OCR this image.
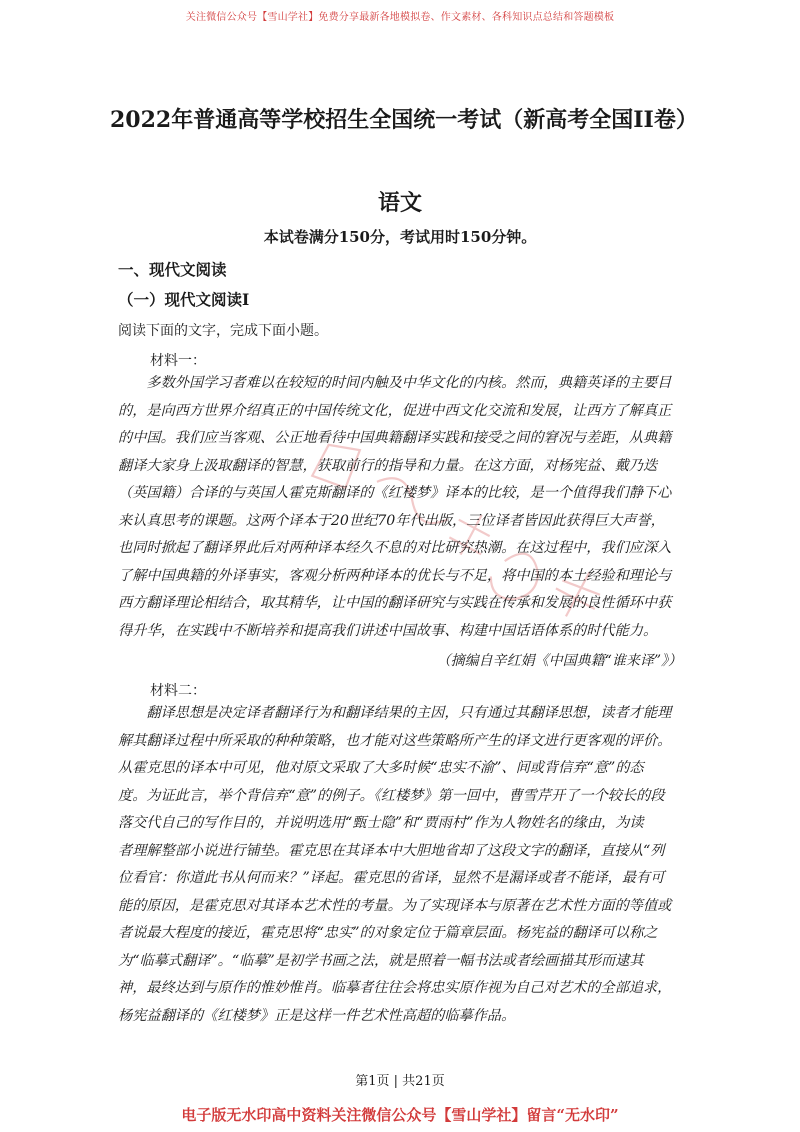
关注微信公众号【雪山学社】免费分享最新各地模拟卷、作文素材、各科知识点总结和答题模板
2022年普通高等学校招生全国统一考试（新高考全国II卷）
语文
本试卷满分150分，考试用时150分钟。
一、现代文阅读
（一）现代文阅读Ⅰ
阅读下面的文字，完成下面小题。
材料一：
　　多数外国学习者难以在较短的时间内触及中华文化的内核。然而，典籍英译的主要目
的，是向西方世界介绍真正的中国传统文化，促进中西文化交流和发展，让西方了解真正
的中国。我们应当客观、公正地看待中国典籍翻译实践和接受之间的窘况与差距，从典籍
翻译大家身上汲取翻译的智慧，获取前行的指导和力量。在这方面，对杨宪益、戴乃迭
（英国籍）合译的与英国人霍克斯翻译的《红楼梦》译本的比较，是一个值得我们静下心
来认真思考的课题。这两个译本于20世纪70年代出版，三位译者皆因此获得巨大声誉，
也同时掀起了翻译界此后对两种译本经久不息的对比研究热潮。在这过程中，我们应深入
了解中国典籍的外译事实，客观分析两种译本的优长与不足，将中国的本土经验和理论与
西方翻译理论相结合，取其精华，让中国的翻译研究与实践在传承和发展的良性循环中获
得升华，在实践中不断培养和提高我们讲述中国故事、构建中国话语体系的时代能力。
（摘编自辛红娟《中国典籍“谁来译”》）
材料二：
　　翻译思想是决定译者翻译行为和翻译结果的主因，只有通过其翻译思想，读者才能理
解其翻译过程中所采取的种种策略，也才能对这些策略所产生的译文进行更客观的评价。
从霍克思的译本中可见，他对原文采取了大多时候“忠实不渝”、间或背信弃“意”的态
度。为证此言，举个背信弃“意”的例子。《红楼梦》第一回中，曹雪芹开了一个较长的段
落交代自己的写作目的，并说明选用“甄士隐”和“贾雨村”作为人物姓名的缘由，为读
者理解整部小说进行铺垫。霍克思在其译本中大胆地省却了这段文字的翻译，直接从“列
位看官：你道此书从何而来？”译起。霍克思的省译，显然不是漏译或者不能译，最有可
能的原因，是霍克思对其译本艺术性的考量。为了实现译本与原著在艺术性方面的等值或
者说最大程度的接近，霍克思将“忠实”的对象定位于篇章层面。杨宪益的翻译可以称之
为“临摹式翻译”。“临摹”是初学书画之法，就是照着一幅书法或者绘画描其形而逮其
神，最终达到与原作的惟妙惟肖。临摹者往往会将忠实原作视为自己对艺术的全部追求，
杨宪益翻译的《红楼梦》正是这样一件艺术性高超的临摹作品。
第1页 | 共21页
电子版无水印高中资料关注微信公众号【雪山学社】留言“无水印”
